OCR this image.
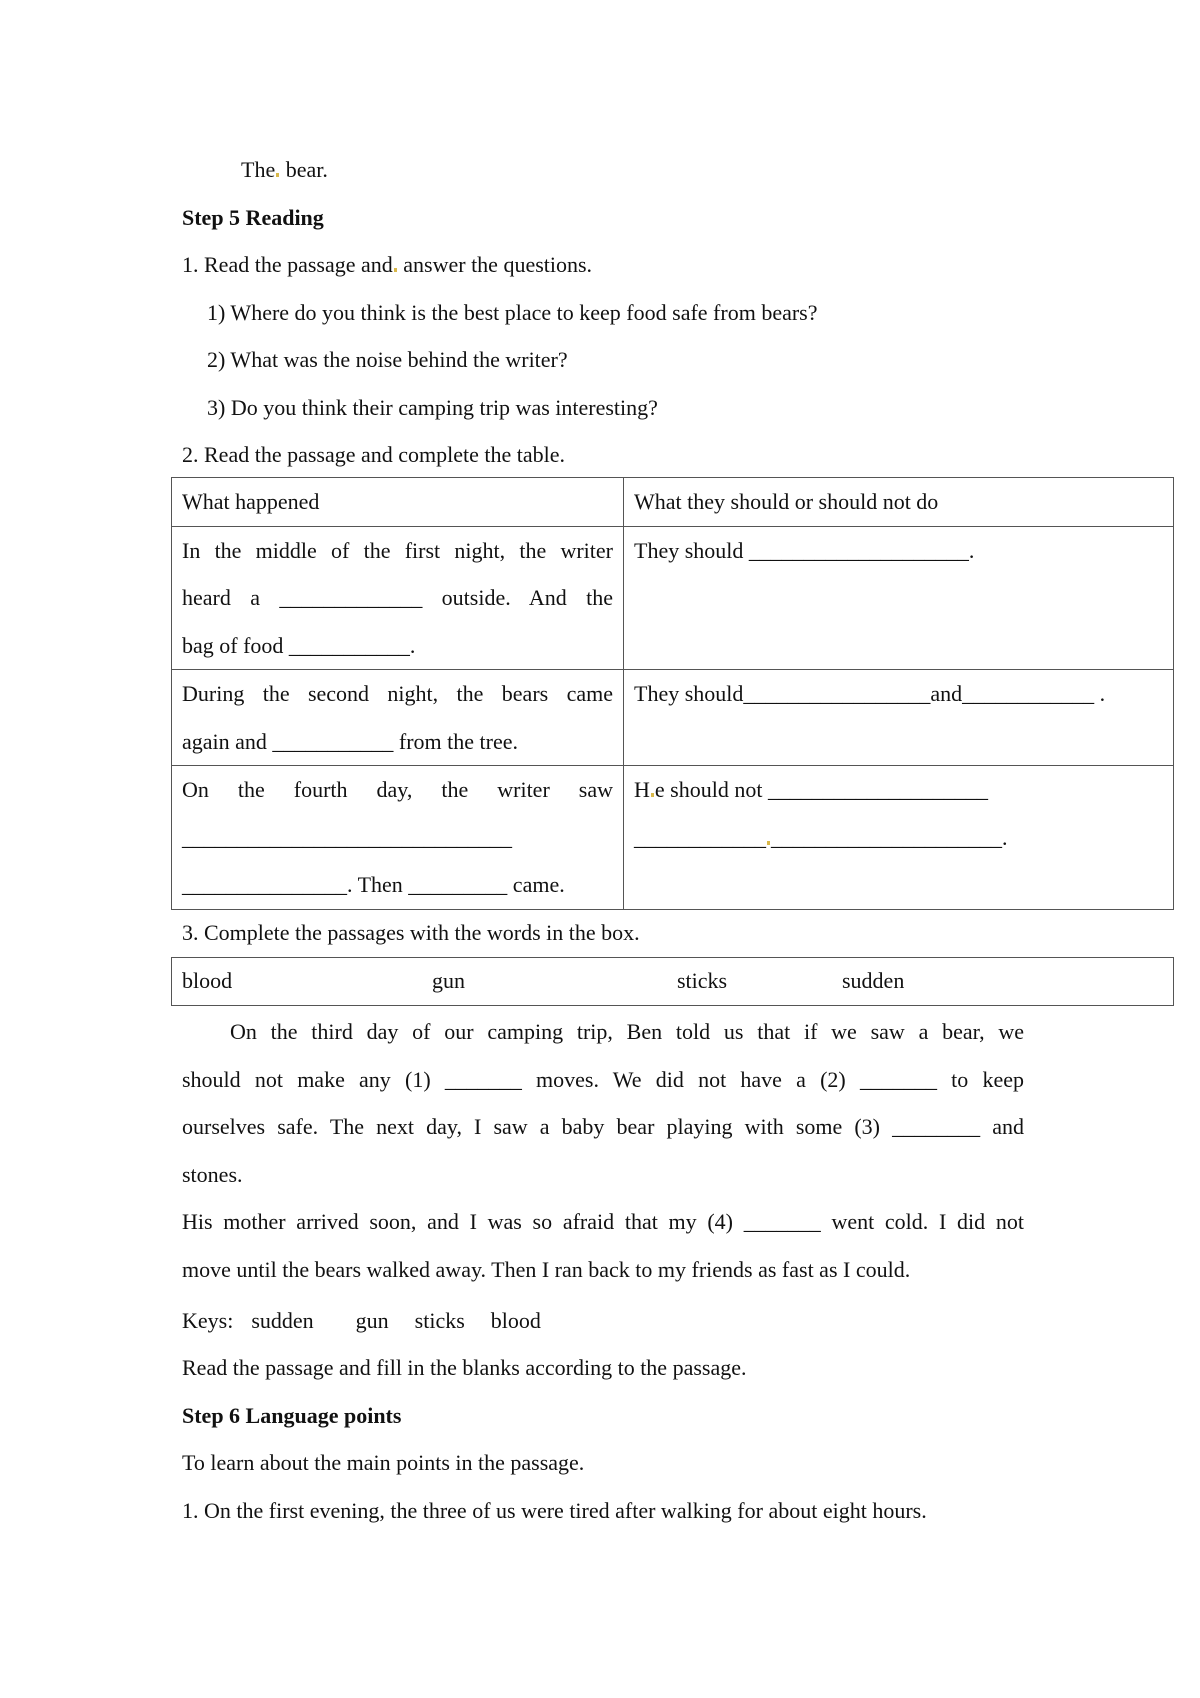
The bear.
Step 5 Reading
1. Read the passage and answer the questions.
1) Where do you think is the best place to keep food safe from bears?
2) What was the noise behind the writer?
3) Do you think their camping trip was interesting?
2. Read the passage and complete the table.
What happened	What they should or should not do

In the middle of the first night, the writer
heard a _____________ outside. And the
bag of food ___________.	They should ____________________.

During the second night, the bears came
again and ___________ from the tree.	They should_________________and____________ .

On the fourth day, the writer saw
______________________________
_______________. Then _________ came.	H e should not ____________________
____________ _____________________.
3. Complete the passages with the words in the box.
blood	gun	sticks	sudden
On the third day of our camping trip, Ben told us that if we saw a bear, we
should not make any (1) _______ moves. We did not have a (2) _______ to keep
ourselves safe. The next day, I saw a baby bear playing with some (3) ________ and
stones.
His mother arrived soon, and I was so afraid that my (4) _______ went cold. I did not
move until the bears walked away. Then I ran back to my friends as fast as I could.
Keys: sudden gun sticks blood
Read the passage and fill in the blanks according to the passage.
Step 6 Language points
To learn about the main points in the passage.
1. On the first evening, the three of us were tired after walking for about eight hours.
